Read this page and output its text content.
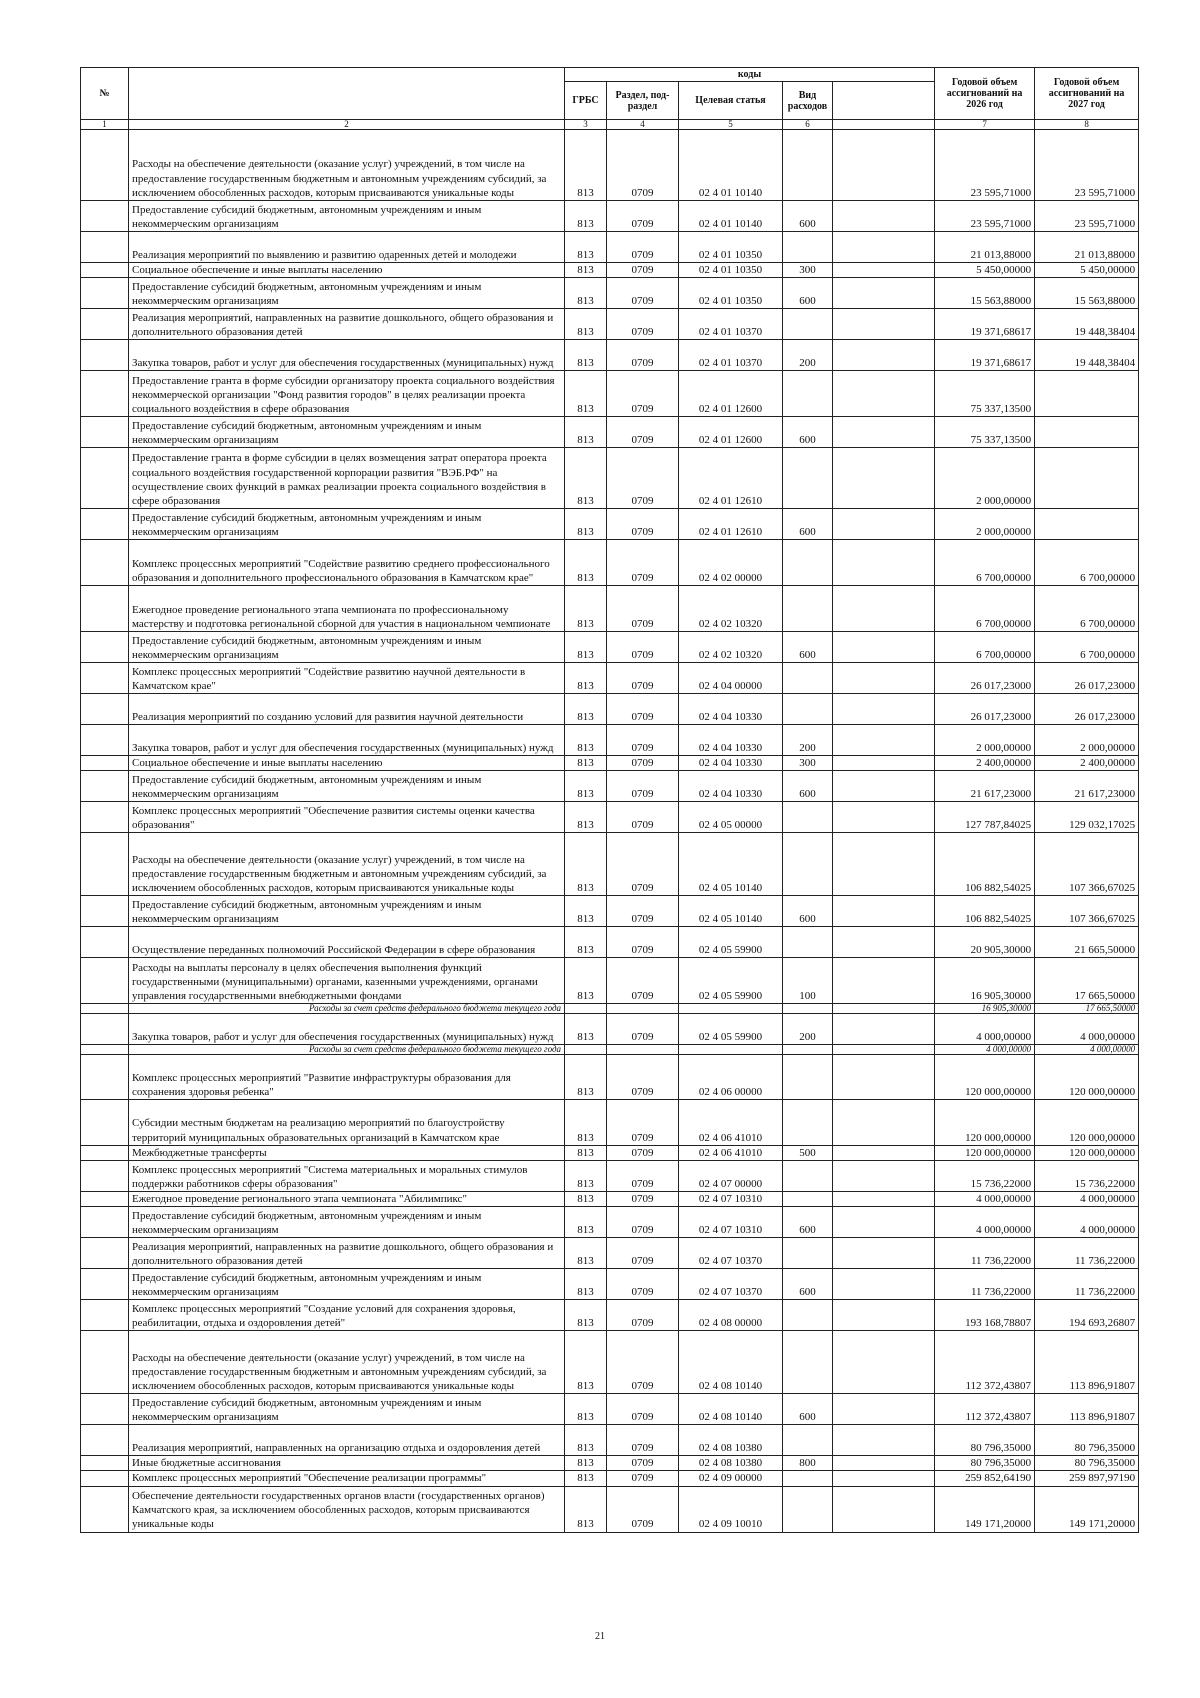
№		коды					Годовой объем ассигнований на 2026 год	Годовой объем ассигнований на 2027 год
		ГРБС	Раздел, под-раздел	Целевая статья	Вид расходов			
1	2	3	4	5	6		7	8
	Расходы на обеспечение деятельности (оказание услуг) учреждений, в том числе на предоставление государственным бюджетным и автономным учреждениям субсидий, за исключением обособленных расходов, которым присваиваются уникальные коды	813	0709	02 4 01 10140			23 595,71000	23 595,71000
	Предоставление субсидий бюджетным, автономным учреждениям и иным некоммерческим организациям	813	0709	02 4 01 10140	600		23 595,71000	23 595,71000
	Реализация мероприятий по выявлению и развитию одаренных детей и молодежи	813	0709	02 4 01 10350			21 013,88000	21 013,88000
	Социальное обеспечение и иные выплаты населению	813	0709	02 4 01 10350	300		5 450,00000	5 450,00000
	Предоставление субсидий бюджетным, автономным учреждениям и иным некоммерческим организациям	813	0709	02 4 01 10350	600		15 563,88000	15 563,88000
	Реализация мероприятий, направленных на развитие дошкольного, общего образования и дополнительного образования детей	813	0709	02 4 01 10370			19 371,68617	19 448,38404
	Закупка товаров, работ и услуг для обеспечения государственных (муниципальных) нужд	813	0709	02 4 01 10370	200		19 371,68617	19 448,38404
	Предоставление гранта в форме субсидии организатору проекта социального воздействия некоммерческой организации "Фонд развития городов" в целях реализации проекта социального воздействия в сфере образования	813	0709	02 4 01 12600			75 337,13500	
	Предоставление субсидий бюджетным, автономным учреждениям и иным некоммерческим организациям	813	0709	02 4 01 12600	600		75 337,13500	
	Предоставление гранта в форме субсидии в целях возмещения затрат оператора проекта социального воздействия государственной корпорации развития "ВЭБ.РФ" на осуществление своих функций в рамках реализации проекта социального воздействия в сфере образования	813	0709	02 4 01 12610			2 000,00000	
	Предоставление субсидий бюджетным, автономным учреждениям и иным некоммерческим организациям	813	0709	02 4 01 12610	600		2 000,00000	
	Комплекс процессных мероприятий "Содействие развитию среднего профессионального образования и дополнительного профессионального образования в Камчатском крае"	813	0709	02 4 02 00000			6 700,00000	6 700,00000
	Ежегодное проведение регионального этапа чемпионата по профессиональному мастерству и подготовка региональной сборной для участия в национальном чемпионате	813	0709	02 4 02 10320			6 700,00000	6 700,00000
	Предоставление субсидий бюджетным, автономным учреждениям и иным некоммерческим организациям	813	0709	02 4 02 10320	600		6 700,00000	6 700,00000
	Комплекс процессных мероприятий "Содействие развитию научной деятельности в Камчатском крае"	813	0709	02 4 04 00000			26 017,23000	26 017,23000
	Реализация мероприятий по созданию условий для развития научной деятельности	813	0709	02 4 04 10330			26 017,23000	26 017,23000
	Закупка товаров, работ и услуг для обеспечения государственных (муниципальных) нужд	813	0709	02 4 04 10330	200		2 000,00000	2 000,00000
	Социальное обеспечение и иные выплаты населению	813	0709	02 4 04 10330	300		2 400,00000	2 400,00000
	Предоставление субсидий бюджетным, автономным учреждениям и иным некоммерческим организациям	813	0709	02 4 04 10330	600		21 617,23000	21 617,23000
	Комплекс процессных мероприятий "Обеспечение развития системы оценки качества образования"	813	0709	02 4 05 00000			127 787,84025	129 032,17025
	Расходы на обеспечение деятельности (оказание услуг) учреждений, в том числе на предоставление государственным бюджетным и автономным учреждениям субсидий, за исключением обособленных расходов, которым присваиваются уникальные коды	813	0709	02 4 05 10140			106 882,54025	107 366,67025
	Предоставление субсидий бюджетным, автономным учреждениям и иным некоммерческим организациям	813	0709	02 4 05 10140	600		106 882,54025	107 366,67025
	Осуществление переданных полномочий Российской Федерации в сфере образования	813	0709	02 4 05 59900			20 905,30000	21 665,50000
	Расходы на выплаты персоналу в целях обеспечения выполнения функций государственными (муниципальными) органами, казенными учреждениями, органами управления государственными внебюджетными фондами	813	0709	02 4 05 59900	100		16 905,30000	17 665,50000
	Расходы за счет средств федерального бюджета текущего года						16 905,30000	17 665,50000
	Закупка товаров, работ и услуг для обеспечения государственных (муниципальных) нужд	813	0709	02 4 05 59900	200		4 000,00000	4 000,00000
	Расходы за счет средств федерального бюджета текущего года						4 000,00000	4 000,00000
	Комплекс процессных мероприятий "Развитие инфраструктуры образования для сохранения здоровья ребенка"	813	0709	02 4 06 00000			120 000,00000	120 000,00000
	Субсидии местным бюджетам на реализацию мероприятий по благоустройству территорий муниципальных образовательных организаций в Камчатском крае	813	0709	02 4 06 41010			120 000,00000	120 000,00000
	Межбюджетные трансферты	813	0709	02 4 06 41010	500		120 000,00000	120 000,00000
	Комплекс процессных мероприятий "Система материальных и моральных стимулов поддержки работников сферы образования"	813	0709	02 4 07 00000			15 736,22000	15 736,22000
	Ежегодное проведение регионального этапа чемпионата "Абилимпикс"	813	0709	02 4 07 10310			4 000,00000	4 000,00000
	Предоставление субсидий бюджетным, автономным учреждениям и иным некоммерческим организациям	813	0709	02 4 07 10310	600		4 000,00000	4 000,00000
	Реализация мероприятий, направленных на развитие дошкольного, общего образования и дополнительного образования детей	813	0709	02 4 07 10370			11 736,22000	11 736,22000
	Предоставление субсидий бюджетным, автономным учреждениям и иным некоммерческим организациям	813	0709	02 4 07 10370	600		11 736,22000	11 736,22000
	Комплекс процессных мероприятий "Создание условий для сохранения здоровья, реабилитации, отдыха и оздоровления детей"	813	0709	02 4 08 00000			193 168,78807	194 693,26807
	Расходы на обеспечение деятельности (оказание услуг) учреждений, в том числе на предоставление государственным бюджетным и автономным учреждениям субсидий, за исключением обособленных расходов, которым присваиваются уникальные коды	813	0709	02 4 08 10140			112 372,43807	113 896,91807
	Предоставление субсидий бюджетным, автономным учреждениям и иным некоммерческим организациям	813	0709	02 4 08 10140	600		112 372,43807	113 896,91807
	Реализация мероприятий, направленных на организацию отдыха и оздоровления детей	813	0709	02 4 08 10380			80 796,35000	80 796,35000
	Иные бюджетные ассигнования	813	0709	02 4 08 10380	800		80 796,35000	80 796,35000
	Комплекс процессных мероприятий "Обеспечение реализации программы"	813	0709	02 4 09 00000			259 852,64190	259 897,97190
	Обеспечение деятельности государственных органов власти (государственных органов) Камчатского края, за исключением обособленных расходов, которым присваиваются уникальные коды	813	0709	02 4 09 10010			149 171,20000	149 171,20000
21
